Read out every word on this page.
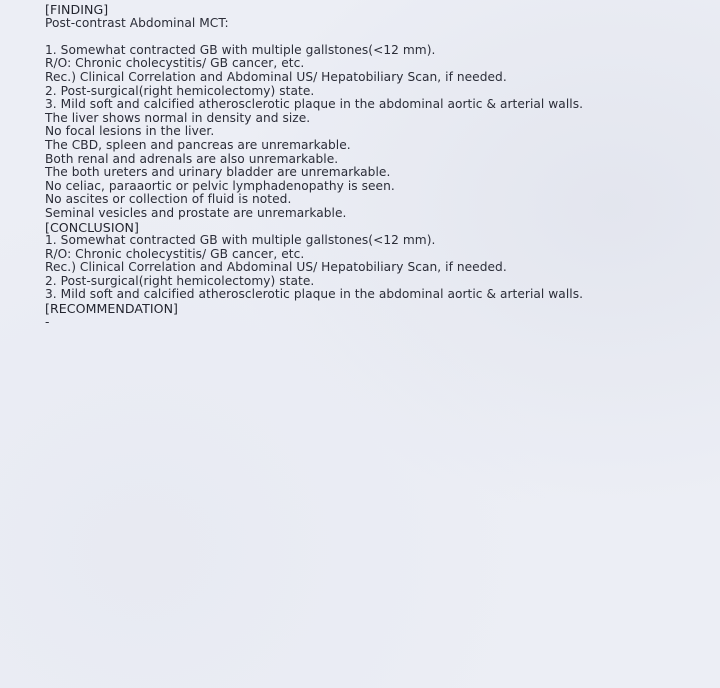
[FINDING]
Post-contrast Abdominal MCT:
1. Somewhat contracted GB with multiple gallstones(<12 mm).
R/O: Chronic cholecystitis/ GB cancer, etc.
Rec.) Clinical Correlation and Abdominal US/ Hepatobiliary Scan, if needed.
2. Post-surgical(right hemicolectomy) state.
3. Mild soft and calcified atherosclerotic plaque in the abdominal aortic & arterial walls.
The liver shows normal in density and size.
No focal lesions in the liver.
The CBD, spleen and pancreas are unremarkable.
Both renal and adrenals are also unremarkable.
The both ureters and urinary bladder are unremarkable.
No celiac, paraaortic or pelvic lymphadenopathy is seen.
No ascites or collection of fluid is noted.
Seminal vesicles and prostate are unremarkable.
[CONCLUSION]
1. Somewhat contracted GB with multiple gallstones(<12 mm).
R/O: Chronic cholecystitis/ GB cancer, etc.
Rec.) Clinical Correlation and Abdominal US/ Hepatobiliary Scan, if needed.
2. Post-surgical(right hemicolectomy) state.
3. Mild soft and calcified atherosclerotic plaque in the abdominal aortic & arterial walls.
[RECOMMENDATION]
-
